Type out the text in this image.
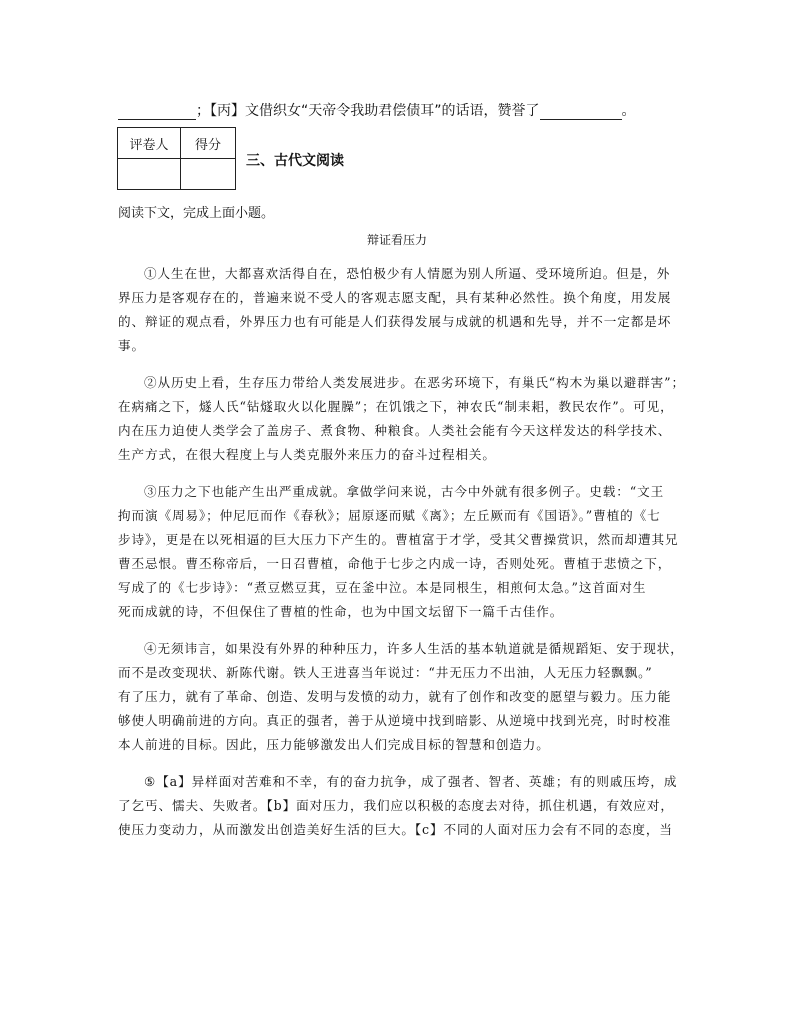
；【丙】文借织女“天帝令我助君偿债耳”的话语，赞誉了	。
评卷人	得分

三、古代文阅读
阅读下文，完成上面小题。
辩证看压力
①人生在世，大都喜欢活得自在，恐怕极少有人情愿为别人所逼、受环境所迫。但是，外
界压力是客观存在的，普遍来说不受人的客观志愿支配，具有某种必然性。换个角度，用发展
的、辩证的观点看，外界压力也有可能是人们获得发展与成就的机遇和先导，并不一定都是坏
事。
②从历史上看，生存压力带给人类发展进步。在恶劣环境下，有巢氏“构木为巢以避群害”；
在病痛之下，燧人氏“钻燧取火以化腥臊”；在饥饿之下，神农氏“制耒耜，教民农作”。可见，
内在压力迫使人类学会了盖房子、煮食物、种粮食。人类社会能有今天这样发达的科学技术、
生产方式，在很大程度上与人类克服外来压力的奋斗过程相关。
③压力之下也能产生出严重成就。拿做学问来说，古今中外就有很多例子。史载：“文王
拘而演《周易》；仲尼厄而作《春秋》；屈原逐而赋《离》；左丘厥而有《国语》。”曹植的《七
步诗》，更是在以死相逼的巨大压力下产生的。曹植富于才学，受其父曹操赏识，然而却遭其兄
曹丕忌恨。曹丕称帝后，一日召曹植，命他于七步之内成一诗，否则处死。曹植于悲愤之下，
写成了的《七步诗》：“煮豆燃豆萁，豆在釜中泣。本是同根生，相煎何太急。”这首面对生
死而成就的诗，不但保住了曹植的性命，也为中国文坛留下一篇千古佳作。
④无须讳言，如果没有外界的种种压力，许多人生活的基本轨道就是循规蹈矩、安于现状，
而不是改变现状、新陈代谢。铁人王进喜当年说过：“井无压力不出油，人无压力轻飘飘。”
有了压力，就有了革命、创造、发明与发愤的动力，就有了创作和改变的愿望与毅力。压力能
够使人明确前进的方向。真正的强者，善于从逆境中找到暗影、从逆境中找到光亮，时时校准
本人前进的目标。因此，压力能够激发出人们完成目标的智慧和创造力。
⑤【a】异样面对苦难和不幸，有的奋力抗争，成了强者、智者、英雄；有的则戚压垮，成
了乞丐、懦夫、失败者。【b】面对压力，我们应以积极的态度去对待，抓住机遇，有效应对，
使压力变动力，从而激发出创造美好生活的巨大。【c】不同的人面对压力会有不同的态度，当
